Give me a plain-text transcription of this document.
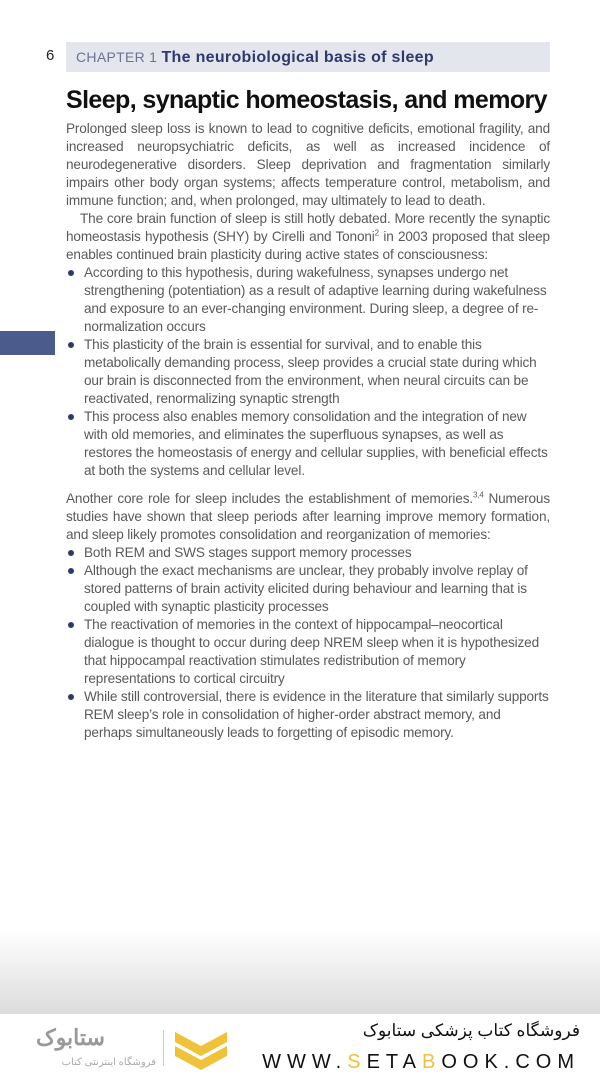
6 CHAPTER 1 The neurobiological basis of sleep
Sleep, synaptic homeostasis, and memory

Prolonged sleep loss is known to lead to cognitive deficits, emotional fragility, and increased neuropsychiatric deficits, as well as increased incidence of neurodegenerative disorders. Sleep deprivation and fragmentation similarly impairs other body organ systems; affects temperature control, metabolism, and immune function; and, when prolonged, may ultimately to lead to death.

The core brain function of sleep is still hotly debated. More recently the synaptic homeostasis hypothesis (SHY) by Cirelli and Tononi$^2$ in 2003 proposed that sleep enables continued brain plasticity during active states of consciousness:

According to this hypothesis, during wakefulness, synapses undergo net strengthening (potentiation) as a result of adaptive learning during wakefulness and exposure to an ever-changing environment. During sleep, a degree of re-normalization occurs
This plasticity of the brain is essential for survival, and to enable this metabolically demanding process, sleep provides a crucial state during which our brain is disconnected from the environment, when neural circuits can be reactivated, renormalizing synaptic strength
This process also enables memory consolidation and the integration of new with old memories, and eliminates the superfluous synapses, as well as restores the homeostasis of energy and cellular supplies, with beneficial effects at both the systems and cellular level.

Another core role for sleep includes the establishment of memories.$^{3,4}$ Numerous studies have shown that sleep periods after learning improve memory formation, and sleep likely promotes consolidation and reorganization of memories:

Both REM and SWS stages support memory processes
Although the exact mechanisms are unclear, they probably involve replay of stored patterns of brain activity elicited during behaviour and learning that is coupled with synaptic plasticity processes
The reactivation of memories in the context of hippocampal–neocortical dialogue is thought to occur during deep NREM sleep when it is hypothesized that hippocampal reactivation stimulates redistribution of memory representations to cortical circuitry
While still controversial, there is evidence in the literature that similarly supports REM sleep’s role in consolidation of higher-order abstract memory, and perhaps simultaneously leads to forgetting of episodic memory.
ستابوک
فروشگاه اینترنتی کتاب
فروشگاه کتاب پزشکی ستابوک
WWW.SETABOOK.COM
